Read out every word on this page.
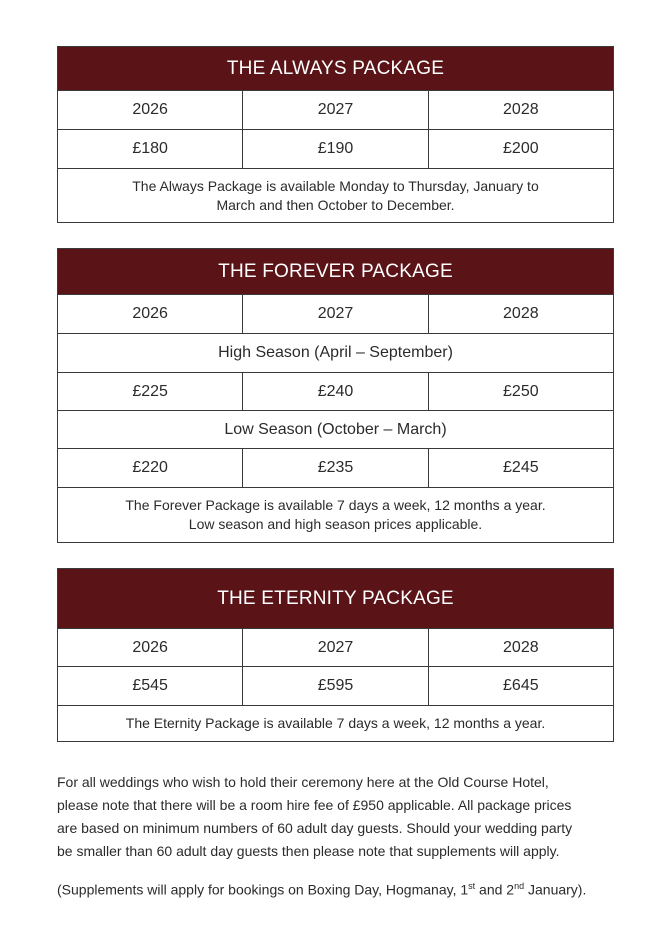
THE ALWAYS PACKAGE
2026	2027	2028
£180	£190	£200
The Always Package is available Monday to Thursday, January to
March and then October to December.
THE FOREVER PACKAGE
2026	2027	2028
High Season (April – September)
£225	£240	£250
Low Season (October – March)
£220	£235	£245
The Forever Package is available 7 days a week, 12 months a year.
Low season and high season prices applicable.
THE ETERNITY PACKAGE
2026	2027	2028
£545	£595	£645
The Eternity Package is available 7 days a week, 12 months a year.
For all weddings who wish to hold their ceremony here at the Old Course Hotel,
please note that there will be a room hire fee of £950 applicable. All package prices
are based on minimum numbers of 60 adult day guests. Should your wedding party
be smaller than 60 adult day guests then please note that supplements will apply.
(Supplements will apply for bookings on Boxing Day, Hogmanay, 1st and 2nd January).
